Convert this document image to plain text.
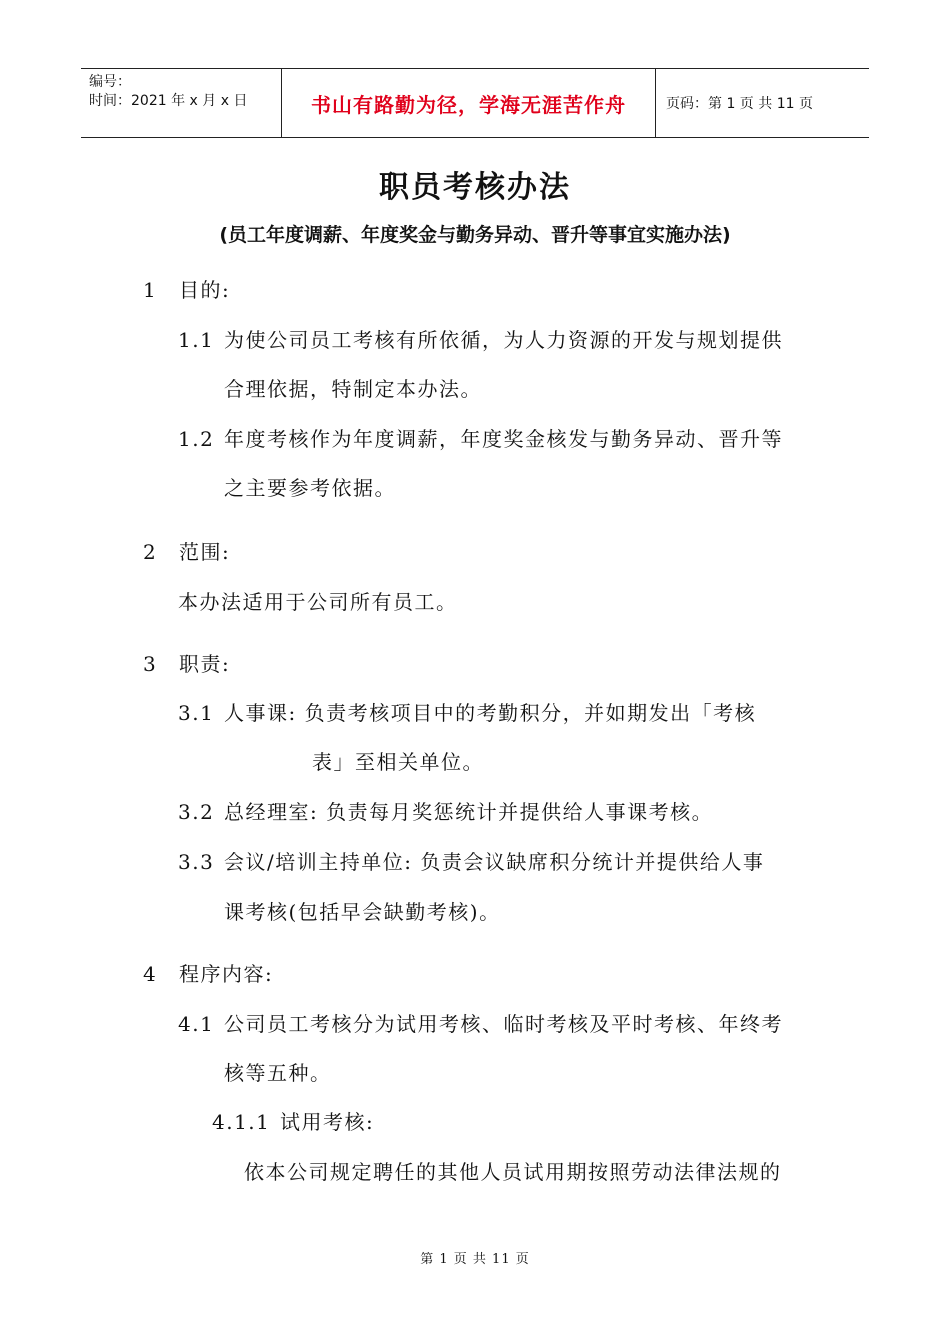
编号：
时间：2021 年 x 月 x 日	书山有路勤为径，学海无涯苦作舟	页码：第 1 页 共 11 页
职员考核办法
(员工年度调薪、年度奖金与勤务异动、晋升等事宜实施办法)
1 目的:
1.1 为使公司员工考核有所依循，为人力资源的开发与规划提供
合理依据，特制定本办法。
1.2 年度考核作为年度调薪，年度奖金核发与勤务异动、晋升等
之主要参考依据。
2 范围:
本办法适用于公司所有员工。
3 职责:
3.1 人事课: 负责考核项目中的考勤积分，并如期发出「考核
表」至相关单位。
3.2 总经理室: 负责每月奖惩统计并提供给人事课考核。
3.3 会议/培训主持单位: 负责会议缺席积分统计并提供给人事
课考核(包括早会缺勤考核)。
4 程序内容:
4.1 公司员工考核分为试用考核、临时考核及平时考核、年终考
核等五种。
4.1.1 试用考核:
依本公司规定聘任的其他人员试用期按照劳动法律法规的
第 1 页 共 11 页
